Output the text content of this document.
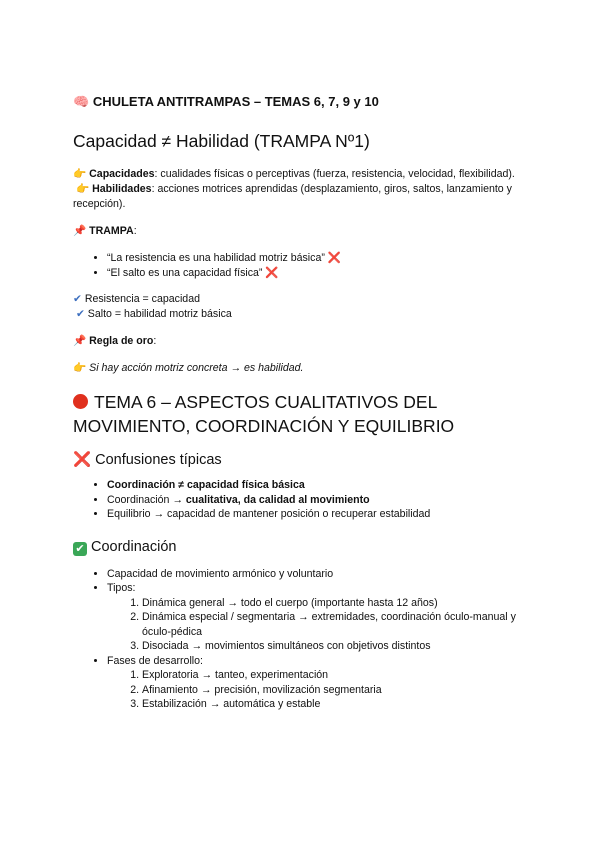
🧠 CHULETA ANTITRAMPAS – TEMAS 6, 7, 9 y 10

Capacidad ≠ Habilidad (TRAMPA Nº1)

👉 Capacidades: cualidades físicas o perceptivas (fuerza, resistencia, velocidad, flexibilidad).

👉 Habilidades: acciones motrices aprendidas (desplazamiento, giros, saltos, lanzamiento y recepción).

📌 TRAMPA:

• “La resistencia es una habilidad motriz básica” ❌
• “El salto es una capacidad física” ❌

✔ Resistencia = capacidad

✔ Salto = habilidad motriz básica

📌 Regla de oro:

👉 Si hay acción motriz concreta → es habilidad.

TEMA 6 – ASPECTOS CUALITATIVOS DEL
MOVIMIENTO, COORDINACIÓN Y EQUILIBRIO
❌ Confusiones típicas
• Coordinación ≠ capacidad física básica
• Coordinación → cualitativa, da calidad al movimiento
• Equilibrio → capacidad de mantener posición o recuperar estabilidad
✔ Coordinación
• Capacidad de movimiento armónico y voluntario
• Tipos:
1. Dinámica general → todo el cuerpo (importante hasta 12 años)
2. Dinámica especial / segmentaria → extremidades, coordinación óculo-manual y óculo-pédica
3. Disociada → movimientos simultáneos con objetivos distintos
• Fases de desarrollo:
1. Exploratoria → tanteo, experimentación
2. Afinamiento → precisión, movilización segmentaria
3. Estabilización → automática y estable
